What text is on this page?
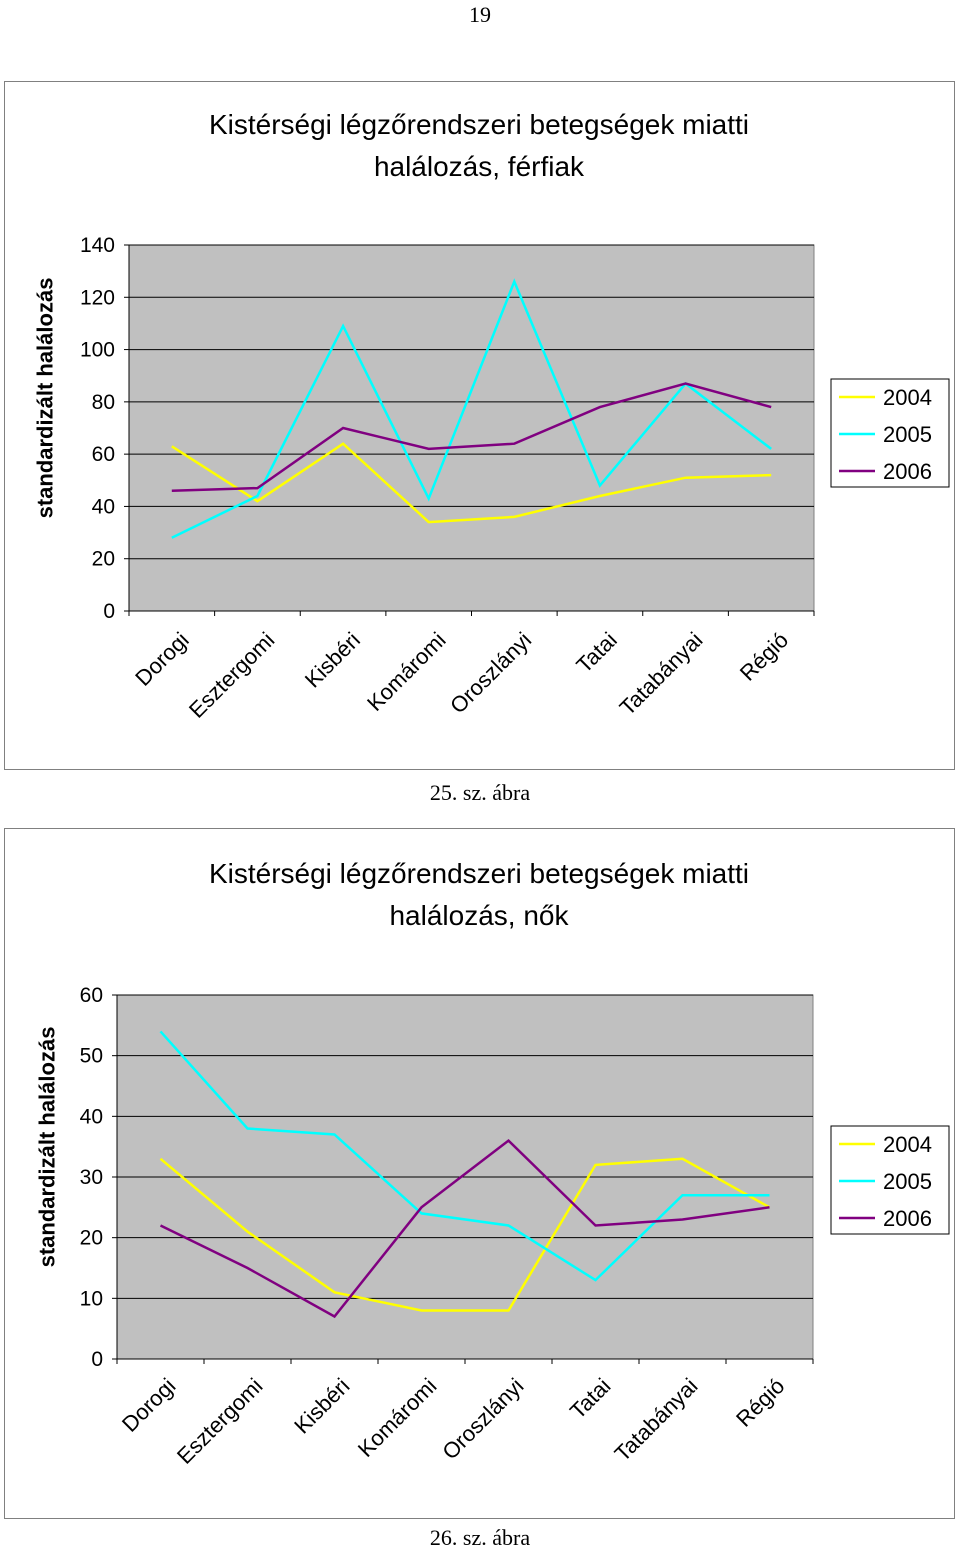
19
Kistérségi légzőrendszeri betegségek miatti
halálozás, férfiak
0
20
40
60
80
100
120
140
Dorogi
Esztergomi Kisbéri
Komáromi
Oroszlányi Tatai
Tatabányai Régió
standardizált halálozás	2004
2005
2006
25. sz. ábra
Kistérségi légzőrendszeri betegségek miatti
halálozás, nők
0
10
20
30
40
50
60
Dorogi
Esztergomi Kisbéri
Komáromi
Oroszlányi Tatai
Tatabányai Régió
standardizált halálozás	2004
2005
2006
26. sz. ábra
